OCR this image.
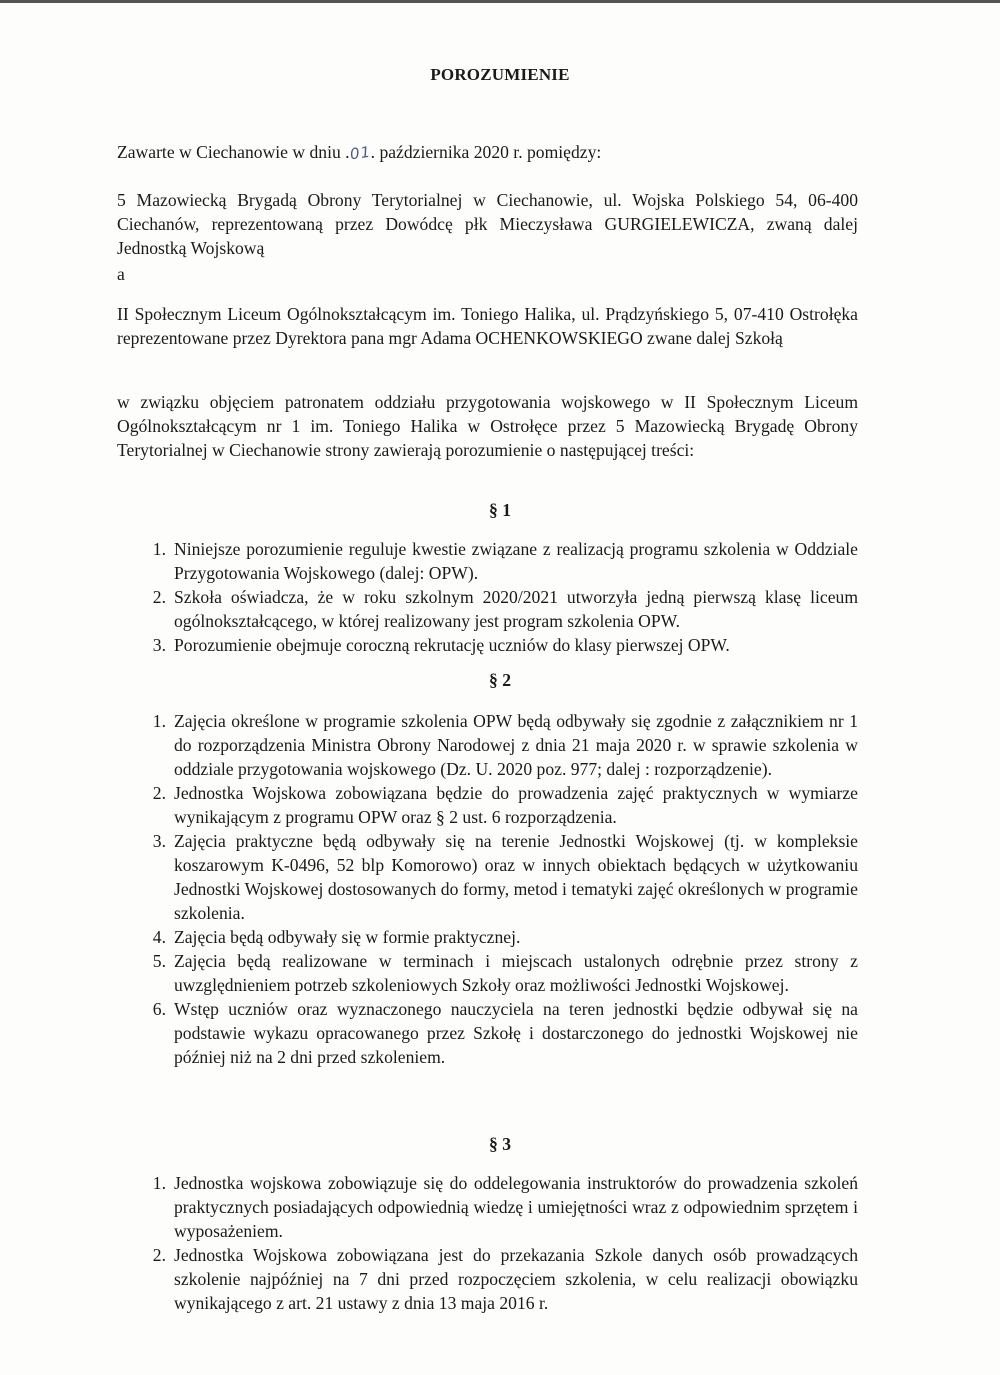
POROZUMIENIE
Zawarte w Ciechanowie w dniu .01. października 2020 r. pomiędzy:
5 Mazowiecką Brygadą Obrony Terytorialnej w Ciechanowie, ul. Wojska Polskiego 54, 06-400 Ciechanów, reprezentowaną przez Dowódcę płk Mieczysława GURGIELEWICZA, zwaną dalej Jednostką Wojskową
a
II Społecznym Liceum Ogólnokształcącym im. Toniego Halika, ul. Prądzyńskiego 5, 07-410 Ostrołęka reprezentowane przez Dyrektora pana mgr Adama OCHENKOWSKIEGO zwane dalej Szkołą
w związku objęciem patronatem oddziału przygotowania wojskowego w II Społecznym Liceum Ogólnokształcącym nr 1 im. Toniego Halika w Ostrołęce przez 5 Mazowiecką Brygadę Obrony Terytorialnej w Ciechanowie strony zawierają porozumienie o następującej treści:
§ 1
1. Niniejsze porozumienie reguluje kwestie związane z realizacją programu szkolenia w Oddziale Przygotowania Wojskowego (dalej: OPW).
2. Szkoła oświadcza, że w roku szkolnym 2020/2021 utworzyła jedną pierwszą klasę liceum ogólnokształcącego, w której realizowany jest program szkolenia OPW.
3. Porozumienie obejmuje coroczną rekrutację uczniów do klasy pierwszej OPW.
§ 2
1. Zajęcia określone w programie szkolenia OPW będą odbywały się zgodnie z załącznikiem nr 1 do rozporządzenia Ministra Obrony Narodowej z dnia 21 maja 2020 r. w sprawie szkolenia w oddziale przygotowania wojskowego (Dz. U. 2020 poz. 977; dalej : rozporządzenie).
2. Jednostka Wojskowa zobowiązana będzie do prowadzenia zajęć praktycznych w wymiarze wynikającym z programu OPW oraz § 2 ust. 6 rozporządzenia.
3. Zajęcia praktyczne będą odbywały się na terenie Jednostki Wojskowej (tj. w kompleksie koszarowym K-0496, 52 blp Komorowo) oraz w innych obiektach będących w użytkowaniu Jednostki Wojskowej dostosowanych do formy, metod i tematyki zajęć określonych w programie szkolenia.
4. Zajęcia będą odbywały się w formie praktycznej.
5. Zajęcia będą realizowane w terminach i miejscach ustalonych odrębnie przez strony z uwzględnieniem potrzeb szkoleniowych Szkoły oraz możliwości Jednostki Wojskowej.
6. Wstęp uczniów oraz wyznaczonego nauczyciela na teren jednostki będzie odbywał się na podstawie wykazu opracowanego przez Szkołę i dostarczonego do jednostki Wojskowej nie później niż na 2 dni przed szkoleniem.
§ 3
1. Jednostka wojskowa zobowiązuje się do oddelegowania instruktorów do prowadzenia szkoleń praktycznych posiadających odpowiednią wiedzę i umiejętności wraz z odpowiednim sprzętem i wyposażeniem.
2. Jednostka Wojskowa zobowiązana jest do przekazania Szkole danych osób prowadzących szkolenie najpóźniej na 7 dni przed rozpoczęciem szkolenia, w celu realizacji obowiązku wynikającego z art. 21 ustawy z dnia 13 maja 2016 r.
